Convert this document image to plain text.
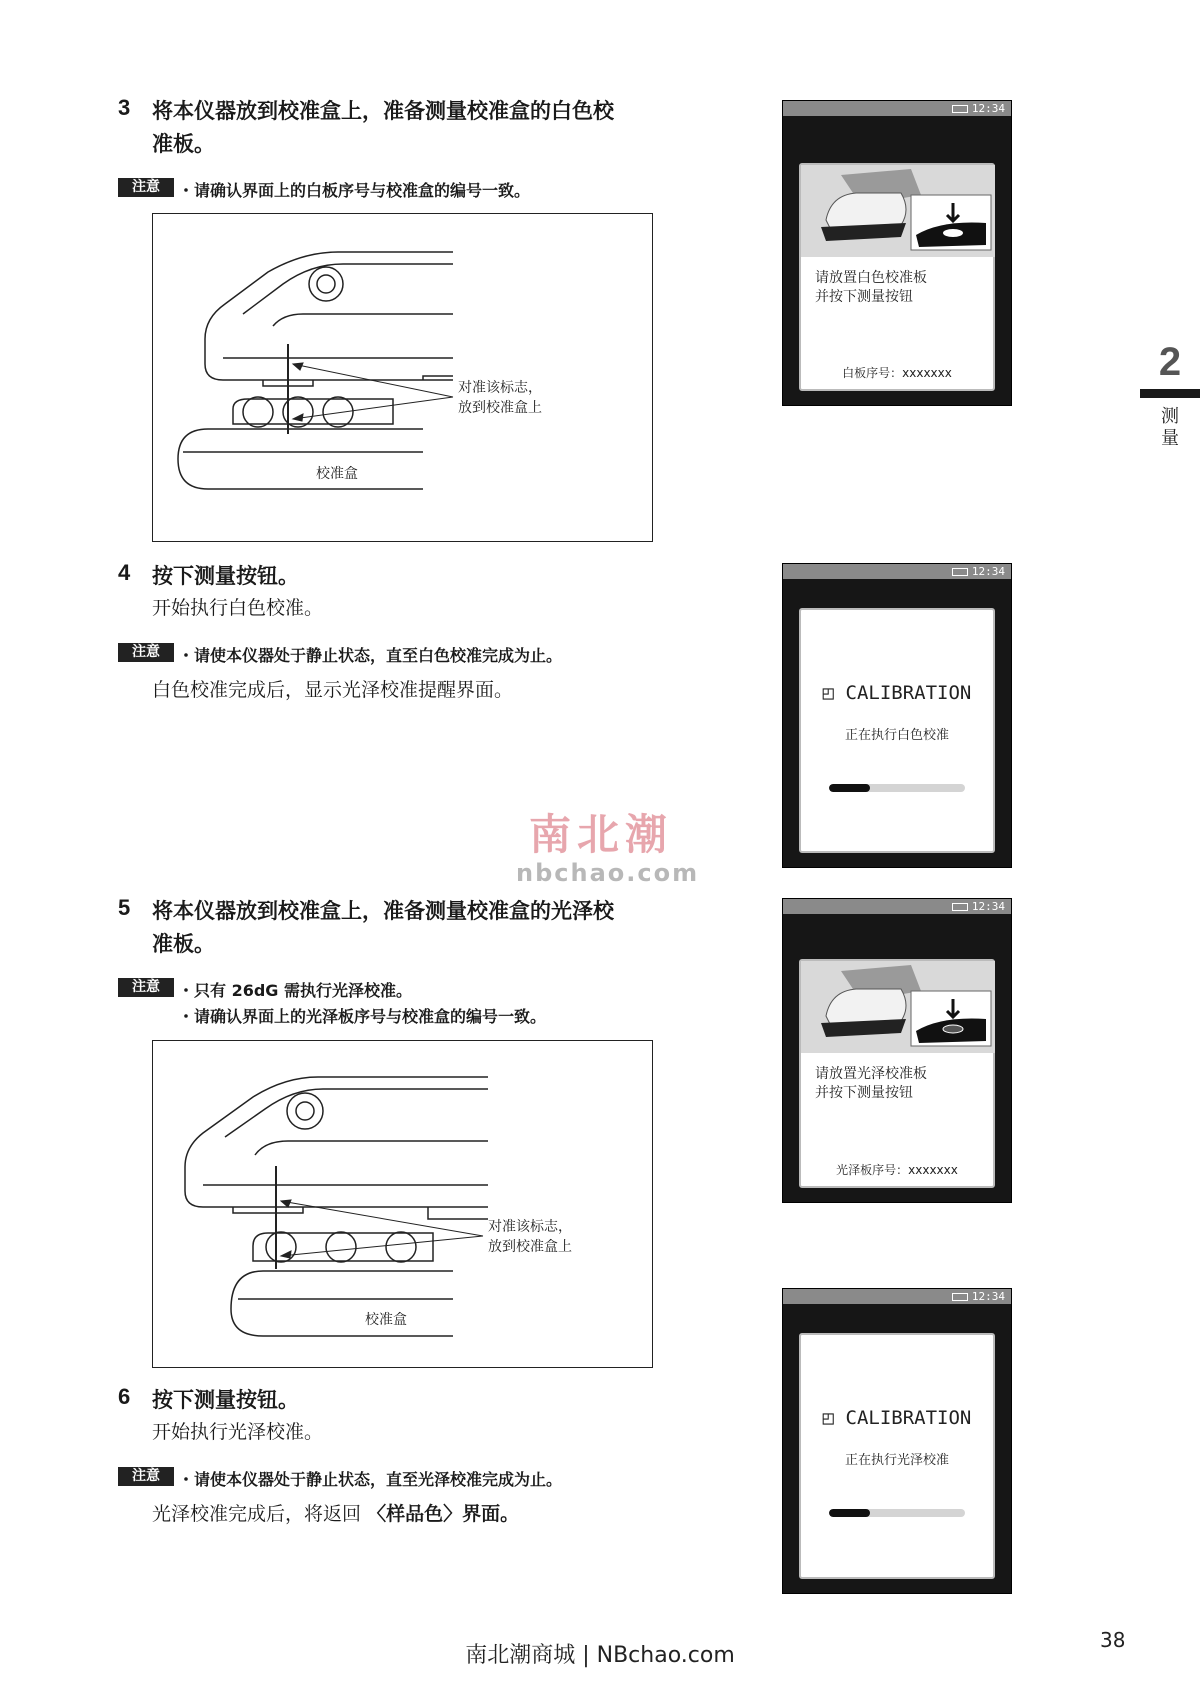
3 将本仪器放到校准盒上，准备测量校准盒的白色校
准板。
注意	・ 请确认界面上的白板序号与校准盒的编号一致。
对准该标志，
放到校准盒上
校准盒
4 按下测量按钮。
开始执行白色校准。
注意	・ 请使本仪器处于静止状态，直至白色校准完成为止。
白色校准完成后，显示光泽校准提醒界面。
5 将本仪器放到校准盒上，准备测量校准盒的光泽校
准板。
注意	・ 只有 26dG 需执行光泽校准。
・ 请确认界面上的光泽板序号与校准盒的编号一致。
对准该标志，
放到校准盒上
校准盒
6 按下测量按钮。
开始执行光泽校准。
注意	・ 请使本仪器处于静止状态，直至光泽校准完成为止。
光泽校准完成后，将返回 〈样品色〉界面。
12:34
请放置白色校准板
并按下测量按钮
白板序号：xxxxxxx
12:34
◰ CALIBRATION
正在执行白色校准
12:34
请放置光泽校准板
并按下测量按钮
光泽板序号：xxxxxxx
12:34
◰ CALIBRATION
正在执行光泽校准
2
测量
南北潮
nbchao.com
南北潮商城 | NBchao.com
38
